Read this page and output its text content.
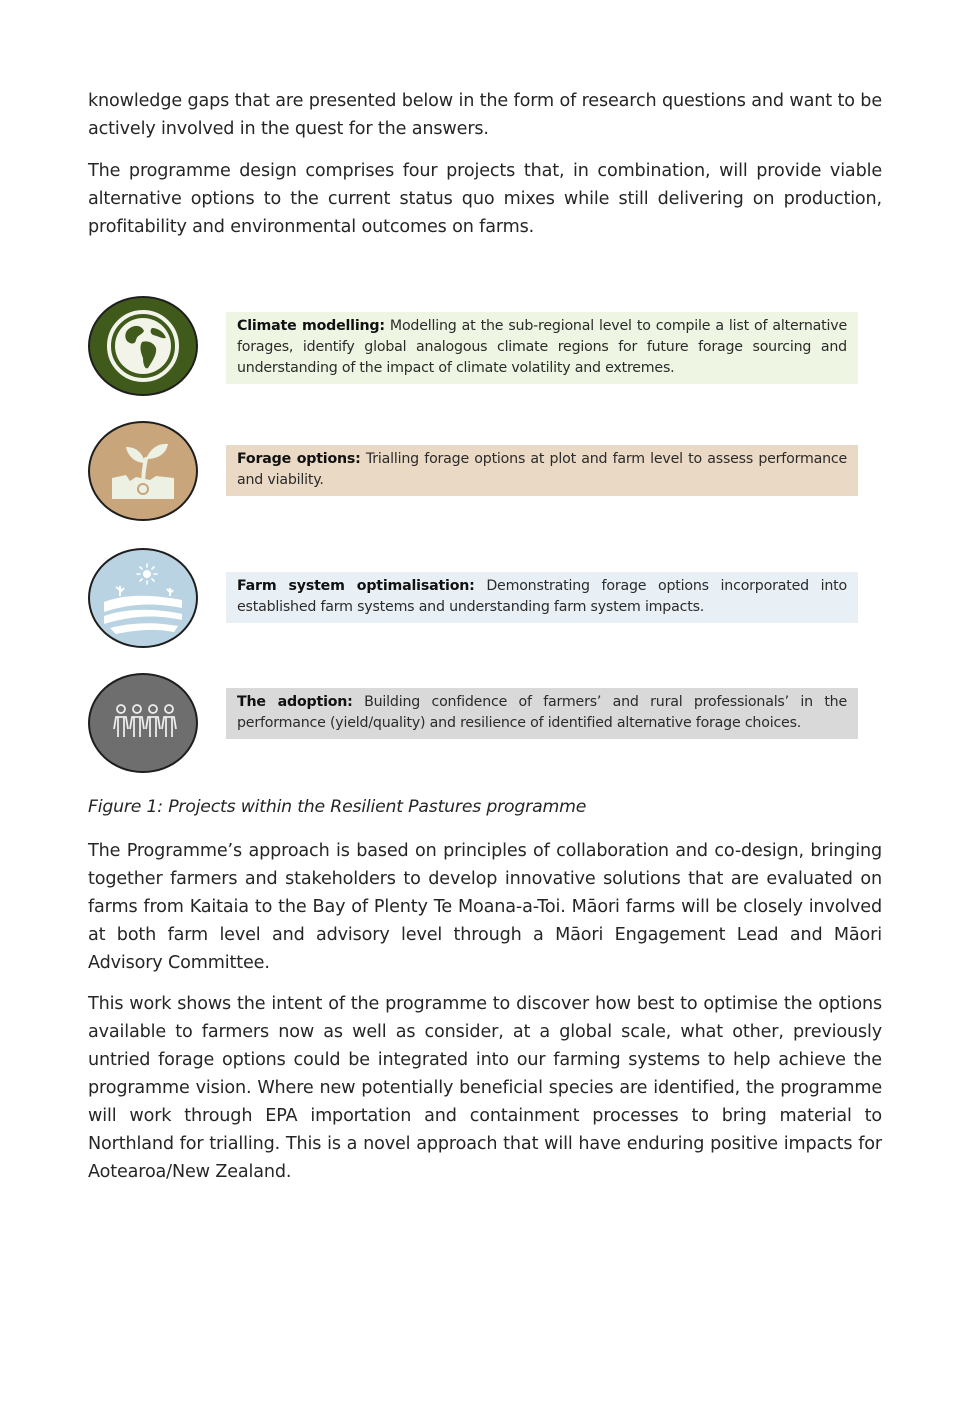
knowledge gaps that are presented below in the form of research questions and want to be actively involved in the quest for the answers.

The programme design comprises four projects that, in combination, will provide viable alternative options to the current status quo mixes while still delivering on production, profitability and environmental outcomes on farms.

Climate modelling: Modelling at the sub-regional level to compile a list of alternative forages, identify global analogous climate regions for future forage sourcing and understanding of the impact of climate volatility and extremes.
Forage options: Trialling forage options at plot and farm level to assess performance and viability.
Farm system optimalisation: Demonstrating forage options incorporated into established farm systems and understanding farm system impacts.
The adoption: Building confidence of farmers’ and rural professionals’ in the performance (yield/quality) and resilience of identified alternative forage choices.

Figure 1: Projects within the Resilient Pastures programme

The Programme’s approach is based on principles of collaboration and co-design, bringing together farmers and stakeholders to develop innovative solutions that are evaluated on farms from Kaitaia to the Bay of Plenty Te Moana-a-Toi. Māori farms will be closely involved at both farm level and advisory level through a Māori Engagement Lead and Māori Advisory Committee.

This work shows the intent of the programme to discover how best to optimise the options available to farmers now as well as consider, at a global scale, what other, previously untried forage options could be integrated into our farming systems to help achieve the programme vision. Where new potentially beneficial species are identified, the programme will work through EPA importation and containment processes to bring material to Northland for trialling. This is a novel approach that will have enduring positive impacts for Aotearoa/New Zealand.
